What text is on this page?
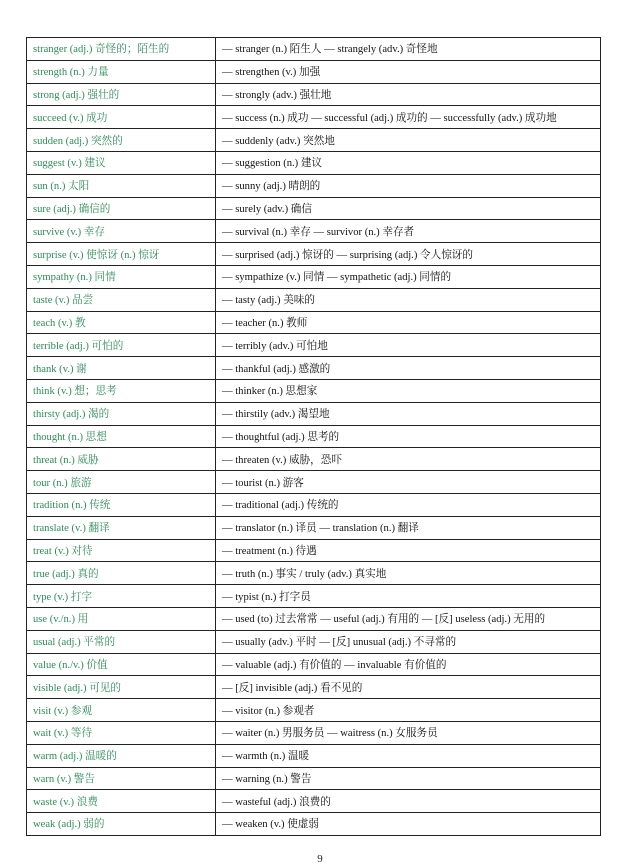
stranger (adj.) 奇怪的；陌生的	— stranger (n.) 陌生人 — strangely (adv.) 奇怪地
strength (n.) 力量	— strengthen (v.) 加强
strong (adj.) 强壮的	— strongly (adv.) 强壮地
succeed (v.) 成功	— success (n.) 成功 — successful (adj.) 成功的 — successfully (adv.) 成功地
sudden (adj.) 突然的	— suddenly (adv.) 突然地
suggest (v.) 建议	— suggestion (n.) 建议
sun (n.) 太阳	— sunny (adj.) 晴朗的
sure (adj.) 确信的	— surely (adv.) 确信
survive (v.) 幸存	— survival (n.) 幸存 — survivor (n.) 幸存者
surprise (v.) 使惊讶 (n.) 惊讶	— surprised (adj.) 惊讶的 — surprising (adj.) 令人惊讶的
sympathy (n.) 同情	— sympathize (v.) 同情 — sympathetic (adj.) 同情的
taste (v.) 品尝	— tasty (adj.) 美味的
teach (v.) 教	— teacher (n.) 教师
terrible (adj.) 可怕的	— terribly (adv.) 可怕地
thank (v.) 谢	— thankful (adj.) 感激的
think (v.) 想；思考	— thinker (n.) 思想家
thirsty (adj.) 渴的	— thirstily (adv.) 渴望地
thought (n.) 思想	— thoughtful (adj.) 思考的
threat (n.) 威胁	— threaten (v.) 威胁，恐吓
tour (n.) 旅游	— tourist (n.) 游客
tradition (n.) 传统	— traditional (adj.) 传统的
translate (v.) 翻译	— translator (n.) 译员 — translation (n.) 翻译
treat (v.) 对待	— treatment (n.) 待遇
true (adj.) 真的	— truth (n.) 事实 / truly (adv.) 真实地
type (v.) 打字	— typist (n.) 打字员
use (v./n.) 用	— used (to) 过去常常 — useful (adj.) 有用的 — [反] useless (adj.) 无用的
usual (adj.) 平常的	— usually (adv.) 平时 — [反] unusual (adj.) 不寻常的
value (n./v.) 价值	— valuable (adj.) 有价值的 — invaluable 有价值的
visible (adj.) 可见的	— [反] invisible (adj.) 看不见的
visit (v.) 参观	— visitor (n.) 参观者
wait (v.) 等待	— waiter (n.) 男服务员 — waitress (n.) 女服务员
warm (adj.) 温暖的	— warmth (n.) 温暖
warn (v.) 警告	— warning (n.) 警告
waste (v.) 浪费	— wasteful (adj.) 浪费的
weak (adj.) 弱的	— weaken (v.) 使虚弱
9
